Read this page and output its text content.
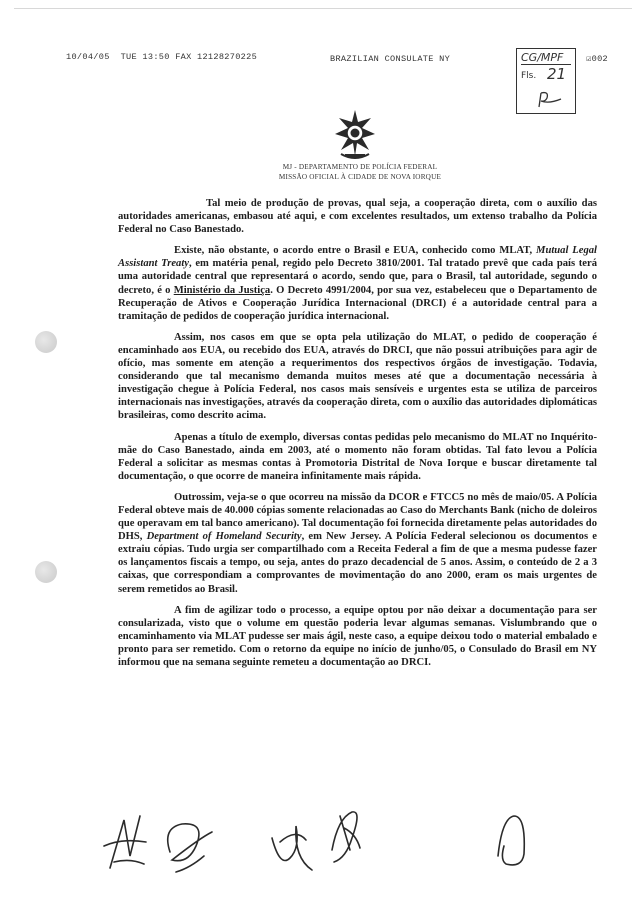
10/04/05 TUE 13:50 FAX 12128270225	BRAZILIAN CONSULATE NY	☑002
CG/MPF
Fls. 21
MJ - DEPARTAMENTO DE POLÍCIA FEDERAL
MISSÃO OFICIAL À CIDADE DE NOVA IORQUE

Tal meio de produção de provas, qual seja, a cooperação direta, com o auxílio das autoridades americanas, embasou até aqui, e com excelentes resultados, um extenso trabalho da Polícia Federal no Caso Banestado.

Existe, não obstante, o acordo entre o Brasil e EUA, conhecido como MLAT, Mutual Legal Assistant Treaty, em matéria penal, regido pelo Decreto 3810/2001. Tal tratado prevê que cada país terá uma autoridade central que representará o acordo, sendo que, para o Brasil, tal autoridade, segundo o decreto, é o Ministério da Justiça. O Decreto 4991/2004, por sua vez, estabeleceu que o Departamento de Recuperação de Ativos e Cooperação Jurídica Internacional (DRCI) é a autoridade central para a tramitação de pedidos de cooperação jurídica internacional.

Assim, nos casos em que se opta pela utilização do MLAT, o pedido de cooperação é encaminhado aos EUA, ou recebido dos EUA, através do DRCI, que não possui atribuições para agir de ofício, mas somente em atenção a requerimentos dos respectivos órgãos de investigação. Todavia, considerando que tal mecanismo demanda muitos meses até que a documentação necessária à investigação chegue à Polícia Federal, nos casos mais sensíveis e urgentes esta se utiliza de parceiros internacionais nas investigações, através da cooperação direta, com o auxílio das autoridades diplomáticas brasileiras, como descrito acima.

Apenas a título de exemplo, diversas contas pedidas pelo mecanismo do MLAT no Inquérito-mãe do Caso Banestado, ainda em 2003, até o momento não foram obtidas. Tal fato levou a Polícia Federal a solicitar as mesmas contas à Promotoria Distrital de Nova Iorque e buscar diretamente tal documentação, o que ocorre de maneira infinitamente mais rápida.

Outrossim, veja-se o que ocorreu na missão da DCOR e FTCC5 no mês de maio/05. A Polícia Federal obteve mais de 40.000 cópias somente relacionadas ao Caso do Merchants Bank (nicho de doleiros que operavam em tal banco americano). Tal documentação foi fornecida diretamente pelas autoridades do DHS, Department of Homeland Security, em New Jersey. A Polícia Federal selecionou os documentos e extraiu cópias. Tudo urgia ser compartilhado com a Receita Federal a fim de que a mesma pudesse fazer os lançamentos fiscais a tempo, ou seja, antes do prazo decadencial de 5 anos. Assim, o conteúdo de 2 a 3 caixas, que correspondiam a comprovantes de movimentação do ano 2000, eram os mais urgentes de serem remetidos ao Brasil.

A fim de agilizar todo o processo, a equipe optou por não deixar a documentação para ser consularizada, visto que o volume em questão poderia levar algumas semanas. Vislumbrando que o encaminhamento via MLAT pudesse ser mais ágil, neste caso, a equipe deixou todo o material embalado e pronto para ser remetido. Com o retorno da equipe no início de junho/05, o Consulado do Brasil em NY informou que na semana seguinte remeteu a documentação ao DRCI.
